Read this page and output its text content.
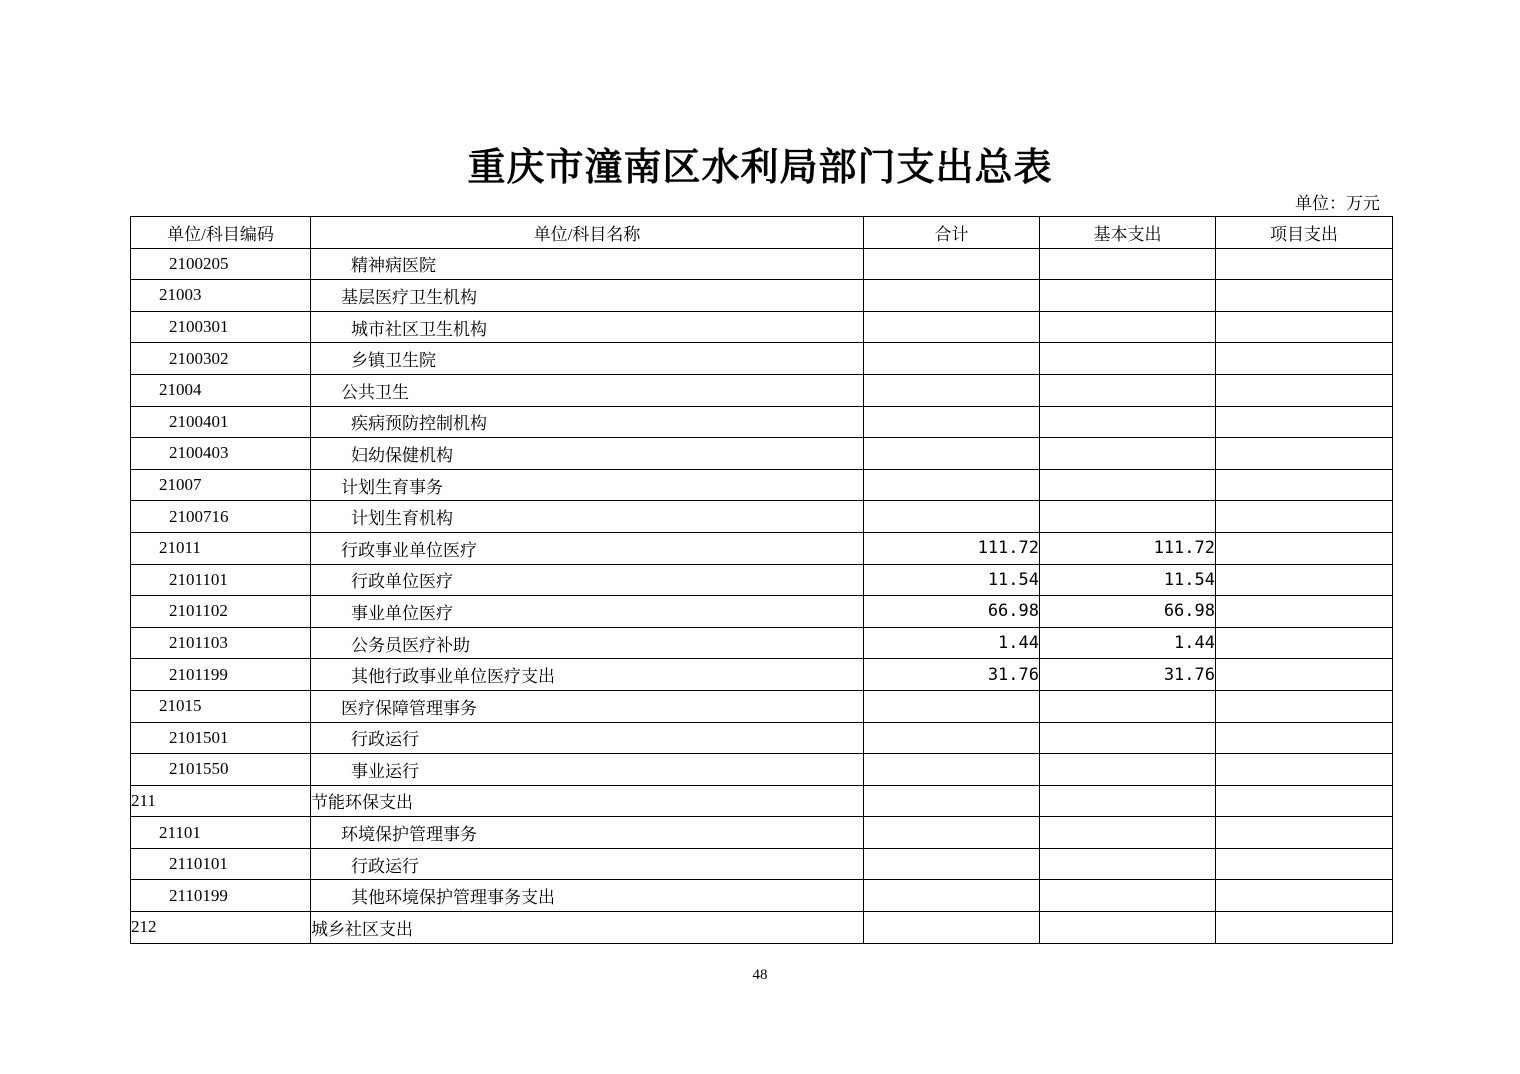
重庆市潼南区水利局部门支出总表
单位：万元
单位/科目编码	单位/科目名称	合计	基本支出	项目支出
2100205	精神病医院			
21003	基层医疗卫生机构			
2100301	城市社区卫生机构			
2100302	乡镇卫生院			
21004	公共卫生			
2100401	疾病预防控制机构			
2100403	妇幼保健机构			
21007	计划生育事务			
2100716	计划生育机构			
21011	行政事业单位医疗	111.72	111.72	
2101101	行政单位医疗	11.54	11.54	
2101102	事业单位医疗	66.98	66.98	
2101103	公务员医疗补助	1.44	1.44	
2101199	其他行政事业单位医疗支出	31.76	31.76	
21015	医疗保障管理事务			
2101501	行政运行			
2101550	事业运行			
211	节能环保支出			
21101	环境保护管理事务			
2110101	行政运行			
2110199	其他环境保护管理事务支出			
212	城乡社区支出			
48
